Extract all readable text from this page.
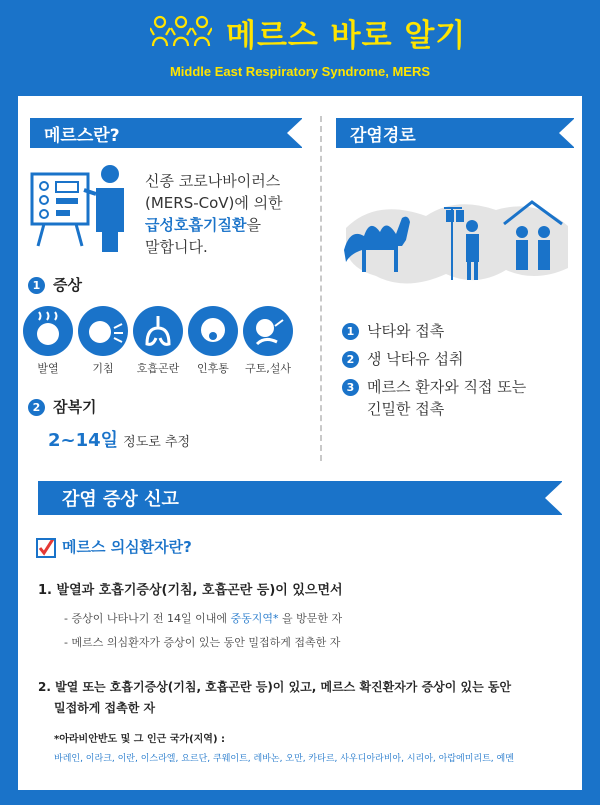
메르스 바로 알기
Middle East Respiratory Syndrome, MERS
메르스란?
신종 코로나바이러스
(MERS-CoV)에 의한
급성호흡기질환을
말합니다.
1 증상
발열	기침	호흡곤란	인후통	구토,설사
2 잠복기
2~14일 정도로 추정
감염경로
1 낙타와 접촉
2 생 낙타유 섭취
3 메르스 환자와 직접 또는
긴밀한 접촉
감염 증상 신고
메르스 의심환자란?
1. 발열과 호흡기증상(기침, 호흡곤란 등)이 있으면서
- 증상이 나타나기 전 14일 이내에 중동지역* 을 방문한 자
- 메르스 의심환자가 증상이 있는 동안 밀접하게 접촉한 자
2. 발열 또는 호흡기증상(기침, 호흡곤란 등)이 있고, 메르스 확진환자가 증상이 있는 동안
밀접하게 접촉한 자
*아라비안반도 및 그 인근 국가(지역) :
바레인, 이라크, 이란, 이스라엘, 요르단, 쿠웨이트, 레바논, 오만, 카타르, 사우디아라비아, 시리아, 아랍에미리트, 예멘
